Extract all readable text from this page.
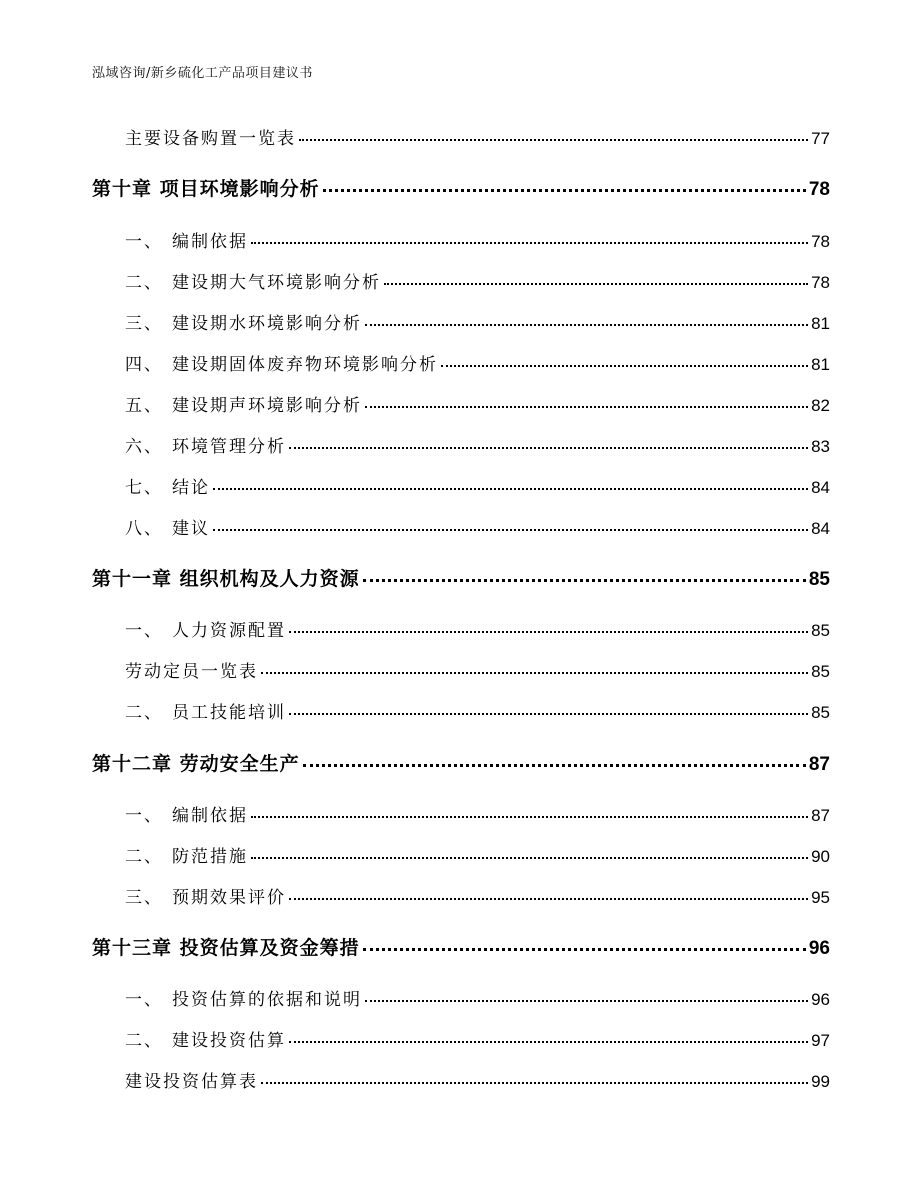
泓域咨询/新乡硫化工产品项目建议书
主要设备购置一览表	77
第十章 项目环境影响分析	78
一、 编制依据	78
二、 建设期大气环境影响分析	78
三、 建设期水环境影响分析	81
四、 建设期固体废弃物环境影响分析	81
五、 建设期声环境影响分析	82
六、 环境管理分析	83
七、 结论	84
八、 建议	84
第十一章 组织机构及人力资源	85
一、 人力资源配置	85
劳动定员一览表	85
二、 员工技能培训	85
第十二章 劳动安全生产	87
一、 编制依据	87
二、 防范措施	90
三、 预期效果评价	95
第十三章 投资估算及资金筹措	96
一、 投资估算的依据和说明	96
二、 建设投资估算	97
建设投资估算表	99
